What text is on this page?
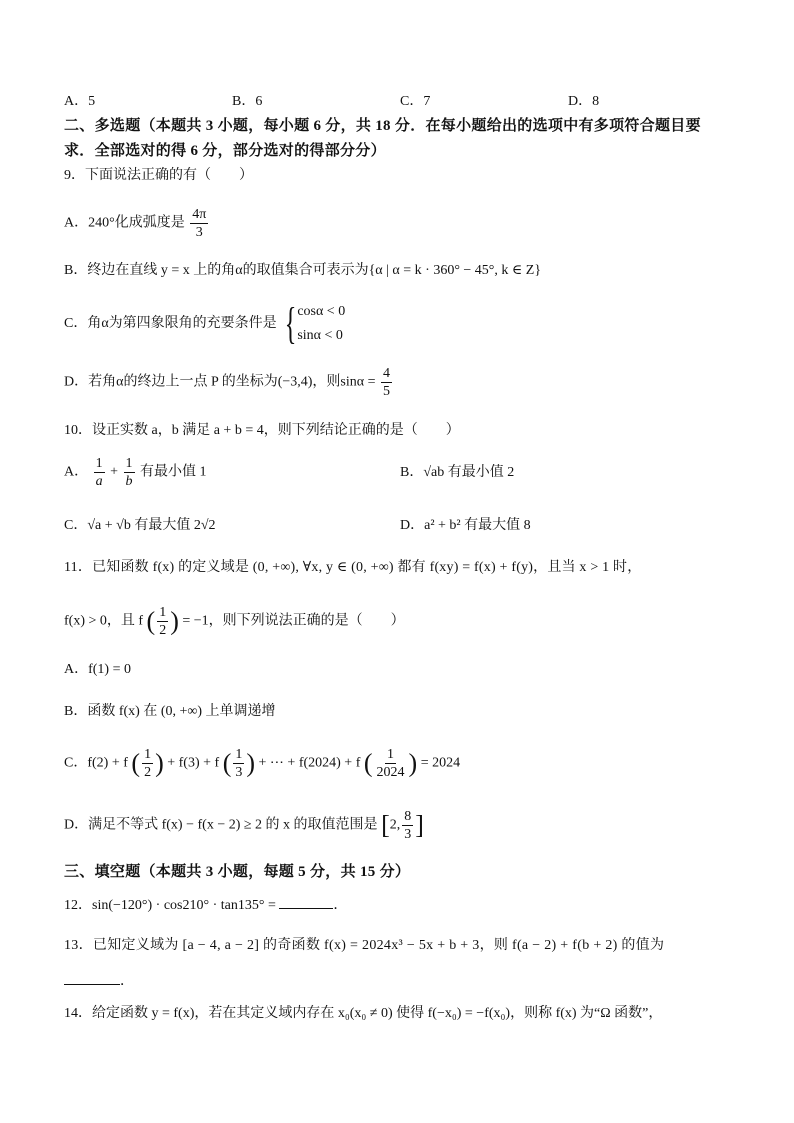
A．5	B．6	C．7	D．8
二、多选题（本题共 3 小题，每小题 6 分，共 18 分．在每小题给出的选项中有多项符合题目要
求．全部选对的得 6 分，部分选对的得部分分）
9．下面说法正确的有（　　）
A．240°化成弧度是 $\frac{4\pi}{3}$
B．终边在直线 y = x 上的角α的取值集合可表示为{α | α = k · 360° − 45°, k ∈ Z}
C．角α为第四象限角的充要条件是 { cosα < 0
sinα < 0
D．若角α的终边上一点 P 的坐标为(−3,4)，则$\sin\alpha = \frac{4}{5}$
10．设正实数 a，b 满足 a + b = 4，则下列结论正确的是（　　）
A． $\frac{1}{a} + \frac{1}{b}$ 有最小值 1	B．√ab 有最小值 2
C．√a + √b 有最大值 2√2	D．a² + b² 有最大值 8
11．已知函数 f(x) 的定义域是 (0, +∞), ∀x, y ∈ (0, +∞) 都有 f(xy) = f(x) + f(y)，且当 x > 1 时，
f(x) > 0，且 f ( $\frac{1}{2}$ ) = −1，则下列说法正确的是（　　）
A．f(1) = 0
B．函数 f(x) 在 (0, +∞) 上单调递增
C．f(2) + f ( $\frac{1}{2}$ ) + f(3) + f ( $\frac{1}{3}$ ) + ⋯ + f(2024) + f ( $\frac{1}{2024}$ ) = 2024
D．满足不等式 f(x) − f(x − 2) ≥ 2 的 x 的取值范围是 [2, $\frac{8}{3}$ ]
三、填空题（本题共 3 小题，每题 5 分，共 15 分）
12．sin(−120°) · cos210° · tan135° =	．
13．已知定义域为 [a − 4, a − 2] 的奇函数 f(x) = 2024x³ − 5x + b + 3，则 f(a − 2) + f(b + 2) 的值为
．
14．给定函数 y = f(x)，若在其定义域内存在 x₀(x₀ ≠ 0) 使得 f(−x₀) = −f(x₀)，则称 f(x) 为“Ω 函数”，
